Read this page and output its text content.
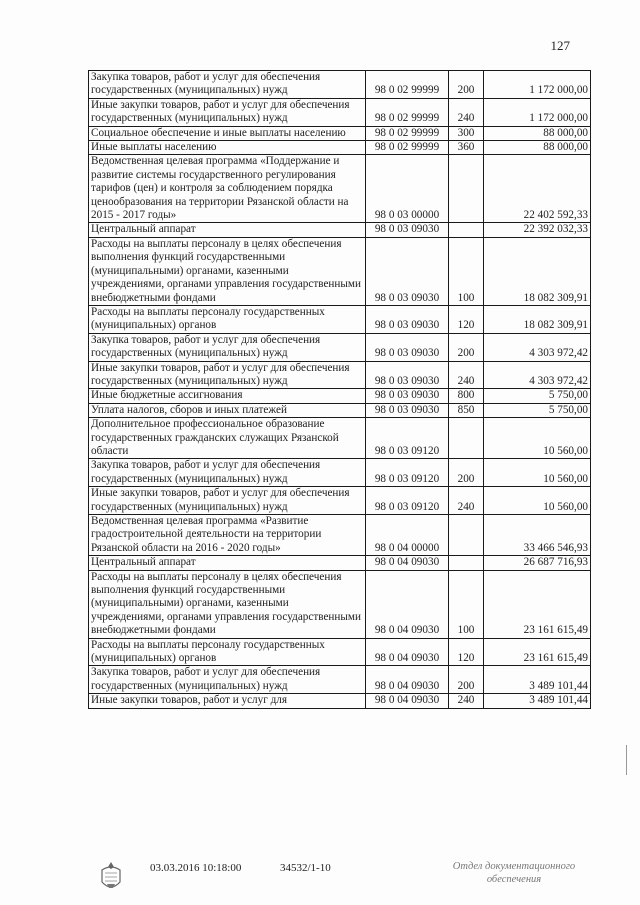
127
Закупка товаров, работ и услуг для обеспечения государственных (муниципальных) нужд	98 0 02 99999	200	1 172 000,00
Иные закупки товаров, работ и услуг для обеспечения государственных (муниципальных) нужд	98 0 02 99999	240	1 172 000,00
Социальное обеспечение и иные выплаты населению	98 0 02 99999	300	88 000,00
Иные выплаты населению	98 0 02 99999	360	88 000,00
Ведомственная целевая программа «Поддержание и развитие системы государственного регулирования тарифов (цен) и контроля за соблюдением порядка ценообразования на территории Рязанской области на 2015 - 2017 годы»	98 0 03 00000		22 402 592,33
Центральный аппарат	98 0 03 09030		22 392 032,33
Расходы на выплаты персоналу в целях обеспечения выполнения функций государственными (муниципальными) органами, казенными учреждениями, органами управления государственными внебюджетными фондами	98 0 03 09030	100	18 082 309,91
Расходы на выплаты персоналу государственных (муниципальных) органов	98 0 03 09030	120	18 082 309,91
Закупка товаров, работ и услуг для обеспечения государственных (муниципальных) нужд	98 0 03 09030	200	4 303 972,42
Иные закупки товаров, работ и услуг для обеспечения государственных (муниципальных) нужд	98 0 03 09030	240	4 303 972,42
Иные бюджетные ассигнования	98 0 03 09030	800	5 750,00
Уплата налогов, сборов и иных платежей	98 0 03 09030	850	5 750,00
Дополнительное профессиональное образование государственных гражданских служащих Рязанской области	98 0 03 09120		10 560,00
Закупка товаров, работ и услуг для обеспечения государственных (муниципальных) нужд	98 0 03 09120	200	10 560,00
Иные закупки товаров, работ и услуг для обеспечения государственных (муниципальных) нужд	98 0 03 09120	240	10 560,00
Ведомственная целевая программа «Развитие градостроительной деятельности на территории Рязанской области на 2016 - 2020 годы»	98 0 04 00000		33 466 546,93
Центральный аппарат	98 0 04 09030		26 687 716,93
Расходы на выплаты персоналу в целях обеспечения выполнения функций государственными (муниципальными) органами, казенными учреждениями, органами управления государственными внебюджетными фондами	98 0 04 09030	100	23 161 615,49
Расходы на выплаты персоналу государственных (муниципальных) органов	98 0 04 09030	120	23 161 615,49
Закупка товаров, работ и услуг для обеспечения государственных (муниципальных) нужд	98 0 04 09030	200	3 489 101,44
Иные закупки товаров, работ и услуг для	98 0 04 09030	240	3 489 101,44
03.03.2016 10:18:00	34532/1-10	Отдел документационного обеспечения
